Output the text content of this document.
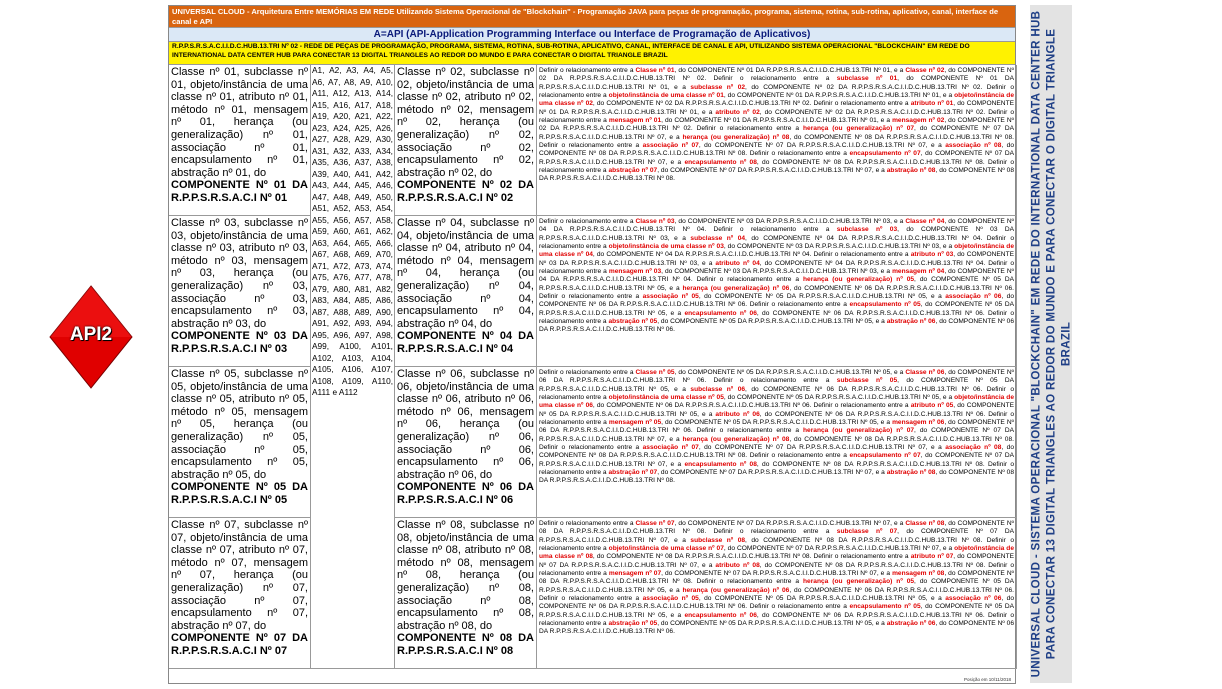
API2
UNIVERSAL CLOUD - Arquitetura Entre MEMÓRIAS EM REDE Utilizando Sistema Operacional de "Blockchain" - Programação JAVA para peças de programação, programa, sistema, rotina, sub-rotina, aplicativo, canal, interface de canal e API
A=API (API-Application Programming Interface ou Interface de Programação de Aplicativos)
R.P.P.S.R.S.A.C.I.I.D.C.HUB.13.TRI Nº 02 - REDE DE PEÇAS DE PROGRAMAÇÃO, PROGRAMA, SISTEMA, ROTINA, SUB-ROTINA, APLICATIVO, CANAL, INTERFACE DE CANAL E API, UTILIZANDO SISTEMA OPERACIONAL "BLOCKCHAIN" EM REDE DO INTERNATIONAL DATA CENTER HUB PARA CONECTAR 13 DIGITAL TRIANGLES AO REDOR DO MUNDO E PARA CONECTAR O DIGITAL TRIANGLE BRAZIL
Classe nº 01, subclasse nº 01, objeto/instância de uma classe nº 01, atributo nº 01, método nº 01, mensagem nº 01, herança (ou generalização) nº 01, associação nº 01, encapsulamento nº 01, abstração nº 01, do
COMPONENTE Nº 01 DA R.P.P.S.R.S.A.C.I Nº 01
Classe nº 02, subclasse nº 02, objeto/instância de uma classe nº 02, atributo nº 02, método nº 02, mensagem nº 02, herança (ou generalização) nº 02, associação nº 02, encapsulamento nº 02, abstração nº 02, do
COMPONENTE Nº 02 DA R.P.P.S.R.S.A.C.I Nº 02
Definir o relacionamento entre a Classe nº 01, do COMPONENTE Nº 01 DA R.P.P.S.R.S.A.C.I.I.D.C.HUB.13.TRI Nº 01, e a Classe nº 02, do COMPONENTE Nº 02 DA R.P.P.S.R.S.A.C.I.I.D.C.HUB.13.TRI Nº 02. Definir o relacionamento entre a subclasse nº 01, do COMPONENTE Nº 01 DA R.P.P.S.R.S.A.C.I.I.D.C.HUB.13.TRI Nº 01, e a subclasse nº 02, do COMPONENTE Nº 02 DA R.P.P.S.R.S.A.C.I.I.D.C.HUB.13.TRI Nº 02. Definir o relacionamento entre a objeto/instância de uma classe nº 01, do COMPONENTE Nº 01 DA R.P.P.S.R.S.A.C.I.I.D.C.HUB.13.TRI Nº 01, e a objeto/instância de uma classe nº 02, do COMPONENTE Nº 02 DA R.P.P.S.R.S.A.C.I.I.D.C.HUB.13.TRI Nº 02. Definir o relacionamento entre a atributo nº 01, do COMPONENTE Nº 01 DA R.P.P.S.R.S.A.C.I.I.D.C.HUB.13.TRI Nº 01, e a atributo nº 02, do COMPONENTE Nº 02 DA R.P.P.S.R.S.A.C.I.I.D.C.HUB.13.TRI Nº 02. Definir o relacionamento entre a mensagem nº 01, do COMPONENTE Nº 01 DA R.P.P.S.R.S.A.C.I.I.D.C.HUB.13.TRI Nº 01, e a mensagem nº 02, do COMPONENTE Nº 02 DA R.P.P.S.R.S.A.C.I.I.D.C.HUB.13.TRI Nº 02. Definir o relacionamento entre a herança (ou generalização) nº 07, do COMPONENTE Nº 07 DA R.P.P.S.R.S.A.C.I.I.D.C.HUB.13.TRI Nº 07, e a herança (ou generalização) nº 08, do COMPONENTE Nº 08 DA R.P.P.S.R.S.A.C.I.I.D.C.HUB.13.TRI Nº 08. Definir o relacionamento entre a associação nº 07, do COMPONENTE Nº 07 DA R.P.P.S.R.S.A.C.I.I.D.C.HUB.13.TRI Nº 07, e a associação nº 08, do COMPONENTE Nº 08 DA R.P.P.S.R.S.A.C.I.I.D.C.HUB.13.TRI Nº 08. Definir o relacionamento entre a encapsulamento nº 07, do COMPONENTE Nº 07 DA R.P.P.S.R.S.A.C.I.I.D.C.HUB.13.TRI Nº 07, e a encapsulamento nº 08, do COMPONENTE Nº 08 DA R.P.P.S.R.S.A.C.I.I.D.C.HUB.13.TRI Nº 08. Definir o relacionamento entre a abstração nº 07, do COMPONENTE Nº 07 DA R.P.P.S.R.S.A.C.I.I.D.C.HUB.13.TRI Nº 07, e a abstração nº 08, do COMPONENTE Nº 08 DA R.P.P.S.R.S.A.C.I.I.D.C.HUB.13.TRI Nº 08.
Classe nº 03, subclasse nº 03, objeto/instância de uma classe nº 03, atributo nº 03, método nº 03, mensagem nº 03, herança (ou generalização) nº 03, associação nº 03, encapsulamento nº 03, abstração nº 03, do
COMPONENTE Nº 03 DA R.P.P.S.R.S.A.C.I Nº 03
Classe nº 04, subclasse nº 04, objeto/instância de uma classe nº 04, atributo nº 04, método nº 04, mensagem nº 04, herança (ou generalização) nº 04, associação nº 04, encapsulamento nº 04, abstração nº 04, do
COMPONENTE Nº 04 DA R.P.P.S.R.S.A.C.I Nº 04
Definir o relacionamento entre a Classe nº 03, do COMPONENTE Nº 03 DA R.P.P.S.R.S.A.C.I.I.D.C.HUB.13.TRI Nº 03, e a Classe nº 04, do COMPONENTE Nº 04 DA R.P.P.S.R.S.A.C.I.I.D.C.HUB.13.TRI Nº 04. Definir o relacionamento entre a subclasse nº 03, do COMPONENTE Nº 03 DA R.P.P.S.R.S.A.C.I.I.D.C.HUB.13.TRI Nº 03, e a subclasse nº 04, do COMPONENTE Nº 04 DA R.P.P.S.R.S.A.C.I.I.D.C.HUB.13.TRI Nº 04. Definir o relacionamento entre a objeto/instância de uma classe nº 03, do COMPONENTE Nº 03 DA R.P.P.S.R.S.A.C.I.I.D.C.HUB.13.TRI Nº 03, e a objeto/instância de uma classe nº 04, do COMPONENTE Nº 04 DA R.P.P.S.R.S.A.C.I.I.D.C.HUB.13.TRI Nº 04. Definir o relacionamento entre a atributo nº 03, do COMPONENTE Nº 03 DA R.P.P.S.R.S.A.C.I.I.D.C.HUB.13.TRI Nº 03, e a atributo nº 04, do COMPONENTE Nº 04 DA R.P.P.S.R.S.A.C.I.I.D.C.HUB.13.TRI Nº 04. Definir o relacionamento entre a mensagem nº 03, do COMPONENTE Nº 03 DA R.P.P.S.R.S.A.C.I.I.D.C.HUB.13.TRI Nº 03, e a mensagem nº 04, do COMPONENTE Nº 04 DA R.P.P.S.R.S.A.C.I.I.D.C.HUB.13.TRI Nº 04. Definir o relacionamento entre a herança (ou generalização) nº 05, do COMPONENTE Nº 05 DA R.P.P.S.R.S.A.C.I.I.D.C.HUB.13.TRI Nº 05, e a herança (ou generalização) nº 06, do COMPONENTE Nº 06 DA R.P.P.S.R.S.A.C.I.I.D.C.HUB.13.TRI Nº 06. Definir o relacionamento entre a associação nº 05, do COMPONENTE Nº 05 DA R.P.P.S.R.S.A.C.I.I.D.C.HUB.13.TRI Nº 05, e a associação nº 06, do COMPONENTE Nº 06 DA R.P.P.S.R.S.A.C.I.I.D.C.HUB.13.TRI Nº 06. Definir o relacionamento entre a encapsulamento nº 05, do COMPONENTE Nº 05 DA R.P.P.S.R.S.A.C.I.I.D.C.HUB.13.TRI Nº 05, e a encapsulamento nº 06, do COMPONENTE Nº 06 DA R.P.P.S.R.S.A.C.I.I.D.C.HUB.13.TRI Nº 06. Definir o relacionamento entre a abstração nº 05, do COMPONENTE Nº 05 DA R.P.P.S.R.S.A.C.I.I.D.C.HUB.13.TRI Nº 05, e a abstração nº 06, do COMPONENTE Nº 06 DA R.P.P.S.R.S.A.C.I.I.D.C.HUB.13.TRI Nº 06.
Classe nº 05, subclasse nº 05, objeto/instância de uma classe nº 05, atributo nº 05, método nº 05, mensagem nº 05, herança (ou generalização) nº 05, associação nº 05, encapsulamento nº 05, abstração nº 05, do
COMPONENTE Nº 05 DA R.P.P.S.R.S.A.C.I Nº 05
Classe nº 06, subclasse nº 06, objeto/instância de uma classe nº 06, atributo nº 06, método nº 06, mensagem nº 06, herança (ou generalização) nº 06, associação nº 06, encapsulamento nº 06, abstração nº 06, do
COMPONENTE Nº 06 DA R.P.P.S.R.S.A.C.I Nº 06
Definir o relacionamento entre a Classe nº 05, do COMPONENTE Nº 05 DA R.P.P.S.R.S.A.C.I.I.D.C.HUB.13.TRI Nº 05, e a Classe nº 06, do COMPONENTE Nº 06 DA R.P.P.S.R.S.A.C.I.I.D.C.HUB.13.TRI Nº 06. Definir o relacionamento entre a subclasse nº 05, do COMPONENTE Nº 05 DA R.P.P.S.R.S.A.C.I.I.D.C.HUB.13.TRI Nº 05, e a subclasse nº 06, do COMPONENTE Nº 06 DA R.P.P.S.R.S.A.C.I.I.D.C.HUB.13.TRI Nº 06. Definir o relacionamento entre a objeto/instância de uma classe nº 05, do COMPONENTE Nº 05 DA R.P.P.S.R.S.A.C.I.I.D.C.HUB.13.TRI Nº 05, e a objeto/instância de uma classe nº 06, do COMPONENTE Nº 06 DA R.P.P.S.R.S.A.C.I.I.D.C.HUB.13.TRI Nº 06. Definir o relacionamento entre a atributo nº 05, do COMPONENTE Nº 05 DA R.P.P.S.R.S.A.C.I.I.D.C.HUB.13.TRI Nº 05, e a atributo nº 06, do COMPONENTE Nº 06 DA R.P.P.S.R.S.A.C.I.I.D.C.HUB.13.TRI Nº 06. Definir o relacionamento entre a mensagem nº 05, do COMPONENTE Nº 05 DA R.P.P.S.R.S.A.C.I.I.D.C.HUB.13.TRI Nº 05, e a mensagem nº 06, do COMPONENTE Nº 06 DA R.P.P.S.R.S.A.C.I.I.D.C.HUB.13.TRI Nº 06. Definir o relacionamento entre a herança (ou generalização) nº 07, do COMPONENTE Nº 07 DA R.P.P.S.R.S.A.C.I.I.D.C.HUB.13.TRI Nº 07, e a herança (ou generalização) nº 08, do COMPONENTE Nº 08 DA R.P.P.S.R.S.A.C.I.I.D.C.HUB.13.TRI Nº 08. Definir o relacionamento entre a associação nº 07, do COMPONENTE Nº 07 DA R.P.P.S.R.S.A.C.I.I.D.C.HUB.13.TRI Nº 07, e a associação nº 08, do COMPONENTE Nº 08 DA R.P.P.S.R.S.A.C.I.I.D.C.HUB.13.TRI Nº 08. Definir o relacionamento entre a encapsulamento nº 07, do COMPONENTE Nº 07 DA R.P.P.S.R.S.A.C.I.I.D.C.HUB.13.TRI Nº 07, e a encapsulamento nº 08, do COMPONENTE Nº 08 DA R.P.P.S.R.S.A.C.I.I.D.C.HUB.13.TRI Nº 08. Definir o relacionamento entre a abstração nº 07, do COMPONENTE Nº 07 DA R.P.P.S.R.S.A.C.I.I.D.C.HUB.13.TRI Nº 07, e a abstração nº 08, do COMPONENTE Nº 08 DA R.P.P.S.R.S.A.C.I.I.D.C.HUB.13.TRI Nº 08.
Classe nº 07, subclasse nº 07, objeto/instância de uma classe nº 07, atributo nº 07, método nº 07, mensagem nº 07, herança (ou generalização) nº 07, associação nº 07, encapsulamento nº 07, abstração nº 07, do
COMPONENTE Nº 07 DA R.P.P.S.R.S.A.C.I Nº 07
Classe nº 08, subclasse nº 08, objeto/instância de uma classe nº 08, atributo nº 08, método nº 08, mensagem nº 08, herança (ou generalização) nº 08, associação nº 08, encapsulamento nº 08, abstração nº 08, do
COMPONENTE Nº 08 DA R.P.P.S.R.S.A.C.I Nº 08
Definir o relacionamento entre a Classe nº 07, do COMPONENTE Nº 07 DA R.P.P.S.R.S.A.C.I.I.D.C.HUB.13.TRI Nº 07, e a Classe nº 08, do COMPONENTE Nº 08 DA R.P.P.S.R.S.A.C.I.I.D.C.HUB.13.TRI Nº 08. Definir o relacionamento entre a subclasse nº 07, do COMPONENTE Nº 07 DA R.P.P.S.R.S.A.C.I.I.D.C.HUB.13.TRI Nº 07, e a subclasse nº 08, do COMPONENTE Nº 08 DA R.P.P.S.R.S.A.C.I.I.D.C.HUB.13.TRI Nº 08. Definir o relacionamento entre a objeto/instância de uma classe nº 07, do COMPONENTE Nº 07 DA R.P.P.S.R.S.A.C.I.I.D.C.HUB.13.TRI Nº 07, e a objeto/instância de uma classe nº 08, do COMPONENTE Nº 08 DA R.P.P.S.R.S.A.C.I.I.D.C.HUB.13.TRI Nº 08. Definir o relacionamento entre a atributo nº 07, do COMPONENTE Nº 07 DA R.P.P.S.R.S.A.C.I.I.D.C.HUB.13.TRI Nº 07, e a atributo nº 08, do COMPONENTE Nº 08 DA R.P.P.S.R.S.A.C.I.I.D.C.HUB.13.TRI Nº 08. Definir o relacionamento entre a mensagem nº 07, do COMPONENTE Nº 07 DA R.P.P.S.R.S.A.C.I.I.D.C.HUB.13.TRI Nº 07, e a mensagem nº 08, do COMPONENTE Nº 08 DA R.P.P.S.R.S.A.C.I.I.D.C.HUB.13.TRI Nº 08. Definir o relacionamento entre a herança (ou generalização) nº 05, do COMPONENTE Nº 05 DA R.P.P.S.R.S.A.C.I.I.D.C.HUB.13.TRI Nº 05, e a herança (ou generalização) nº 06, do COMPONENTE Nº 06 DA R.P.P.S.R.S.A.C.I.I.D.C.HUB.13.TRI Nº 06. Definir o relacionamento entre a associação nº 05, do COMPONENTE Nº 05 DA R.P.P.S.R.S.A.C.I.I.D.C.HUB.13.TRI Nº 05, e a associação nº 06, do COMPONENTE Nº 06 DA R.P.P.S.R.S.A.C.I.I.D.C.HUB.13.TRI Nº 06. Definir o relacionamento entre a encapsulamento nº 05, do COMPONENTE Nº 05 DA R.P.P.S.R.S.A.C.I.I.D.C.HUB.13.TRI Nº 05, e a encapsulamento nº 06, do COMPONENTE Nº 06 DA R.P.P.S.R.S.A.C.I.I.D.C.HUB.13.TRI Nº 06. Definir o relacionamento entre a abstração nº 05, do COMPONENTE Nº 05 DA R.P.P.S.R.S.A.C.I.I.D.C.HUB.13.TRI Nº 05, e a abstração nº 06, do COMPONENTE Nº 06 DA R.P.P.S.R.S.A.C.I.I.D.C.HUB.13.TRI Nº 06.
A1, A2, A3, A4, A5, A6, A7, A8, A9, A10, A11, A12, A13, A14, A15, A16, A17, A18, A19, A20, A21, A22, A23, A24, A25, A26, A27, A28, A29, A30, A31, A32, A33, A34, A35, A36, A37, A38, A39, A40, A41, A42, A43, A44, A45, A46, A47, A48, A49, A50, A51, A52, A53, A54, A55, A56, A57, A58, A59, A60, A61, A62, A63, A64, A65, A66, A67, A68, A69, A70, A71, A72, A73, A74, A75, A76, A77, A78, A79, A80, A81, A82, A83, A84, A85, A86, A87, A88, A89, A90, A91, A92, A93, A94, A95, A96, A97, A98, A99, A100, A101, A102, A103, A104, A105, A106, A107, A108, A109, A110, A111 e A112
Posição em 10/11/2018
UNIVERSAL CLOUD - SISTEMA OPERACIONAL "BLOCKCHAIN" EM REDE DO INTERNATIONAL DATA CENTER HUB PARA CONECTAR 13 DIGITAL TRIANGLES AO REDOR DO MUNDO E PARA CONECTAR O DIGITAL TRIANGLE BRAZIL
